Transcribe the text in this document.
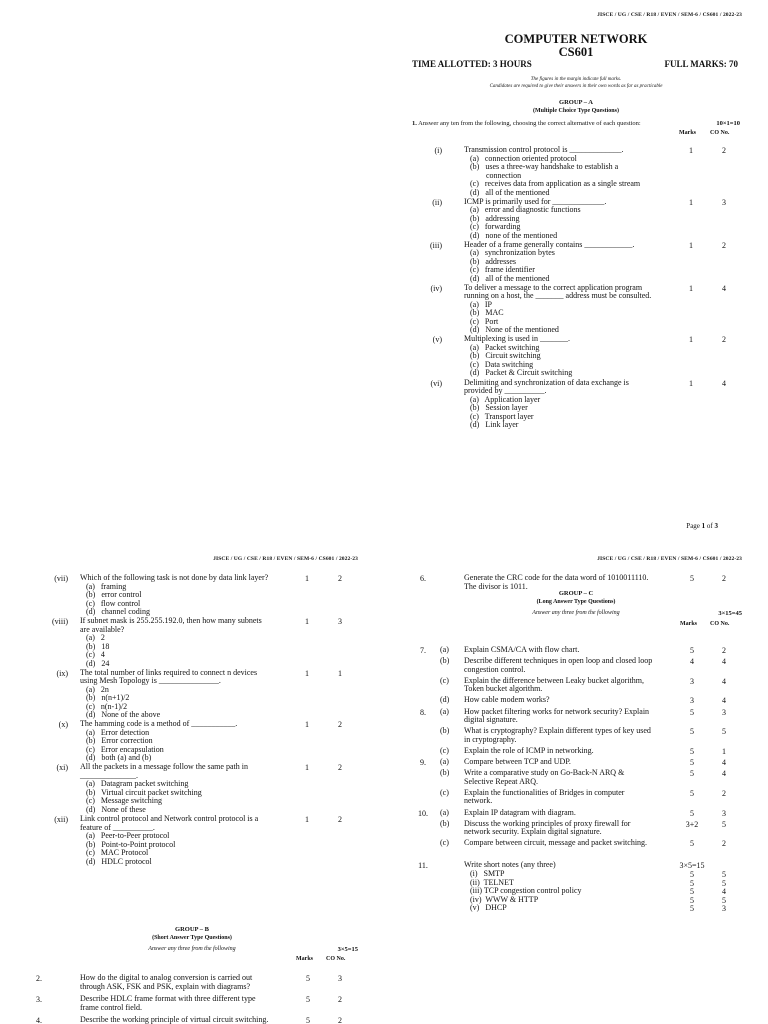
JISCE / UG / CSE / R18 / EVEN / SEM-6 / CS601 / 2022-23
COMPUTER NETWORK
CS601
TIME ALLOTTED: 3 HOURS	FULL MARKS: 70
The figures in the margin indicate full marks.
Candidates are required to give their answers in their own words as far as practicable
GROUP – A
(Multiple Choice Type Questions)
1. Answer any ten from the following, choosing the correct alternative of each question:	10×1=10
Marks CO No.
(i)	Transmission control protocol is _____________.	1	2
(a)   connection oriented protocol
(b)   uses a three-way handshake to establish a
connection
(c)   receives data from application as a single stream
(d)   all of the mentioned
(ii)	ICMP is primarily used for _____________.	1	3
(a)   error and diagnostic functions
(b)   addressing
(c)   forwarding
(d)   none of the mentioned
(iii)	Header of a frame generally contains ____________.	1	2
(a)   synchronization bytes
(b)   addresses
(c)   frame identifier
(d)   all of the mentioned
(iv)	To deliver a message to the correct application program
running on a host, the _______ address must be consulted.
1	4
(a)   IP
(b)   MAC
(c)   Port
(d)   None of the mentioned
(v)	Multiplexing is used in _______.	1	2
(a)   Packet switching
(b)   Circuit switching
(c)   Data switching
(d)   Packet & Circuit switching
(vi)	Delimiting and synchronization of data exchange is
provided by __________.
1	4
(a)   Application layer
(b)   Session layer
(c)   Transport layer
(d)   Link layer
Page 1 of 3
JISCE / UG / CSE / R18 / EVEN / SEM-6 / CS601 / 2022-23
(vii) Which of the following task is not done by data link layer?	1	2
(a)   framing
(b)   error control
(c)   flow control
(d)   channel coding
(viii) If subnet mask is 255.255.192.0, then how many subnets
are available?
1	3
(a)   2
(b)   18
(c)   4
(d)   24
(ix) The total number of links required to connect n devices
using Mesh Topology is _______________.
1	1
(a)   2n
(b)   n(n+1)/2
(c)   n(n-1)/2
(d)   None of the above
(x) The hamming code is a method of ___________.	1	2
(a)   Error detection
(b)   Error correction
(c)   Error encapsulation
(d)   both (a) and (b)
(xi) All the packets in a message follow the same path in
______________.
1	2
(a)   Datagram packet switching
(b)   Virtual circuit packet switching
(c)   Message switching
(d)   None of these
(xii) Link control protocol and Network control protocol is a
feature of __________.
1	2
(a)   Peer-to-Peer protocol
(b)   Point-to-Point protocol
(c)   MAC Protocol
(d)   HDLC protocol
GROUP – B
(Short Answer Type Questions)
Answer any three from the following	3×5=15
Marks CO No.
2.	How do the digital to analog conversion is carried out
through ASK, FSK and PSK, explain with diagrams?
5	3
3.	Describe HDLC frame format with three different type
frame control field.
5	2
4.	Describe the working principle of virtual circuit switching.	5	2
JISCE / UG / CSE / R18 / EVEN / SEM-6 / CS601 / 2022-23
6.	Generate the CRC code for the data word of 1010011110.
The divisor is 1011.
5	2
GROUP – C
(Long Answer Type Questions)
Answer any three from the following	3×15=45
Marks CO No.
7.	(a) Explain CSMA/CA with flow chart.	5	2
(b) Describe different techniques in open loop and closed loop
congestion control.
4	4
(c) Explain the difference between Leaky bucket algorithm,
Token bucket algorithm.
3	4
(d) How cable modem works?	3	4
8.	(a) How packet filtering works for network security? Explain
digital signature.
5	3
(b) What is cryptography? Explain different types of key used
in cryptography.
5	5
(c) Explain the role of ICMP in networking.	5	1
9.	(a) Compare between TCP and UDP.	5	4
(b) Write a comparative study on Go-Back-N ARQ &
Selective Repeat ARQ.
5	4
(c) Explain the functionalities of Bridges in computer
network.
5	2
10.	(a) Explain IP datagram with diagram.	5	3
(b) Discuss the working principles of proxy firewall for
network security. Explain digital signature.
3+2	5
(c) Compare between circuit, message and packet switching.	5	2
11.	Write short notes (any three)	3×5=15
(i)   SMTP	5	5
(ii)  TELNET	5	5
(iii) TCP congestion control policy	5	4
(iv)  WWW & HTTP	5	5
(v)   DHCP	5	3
